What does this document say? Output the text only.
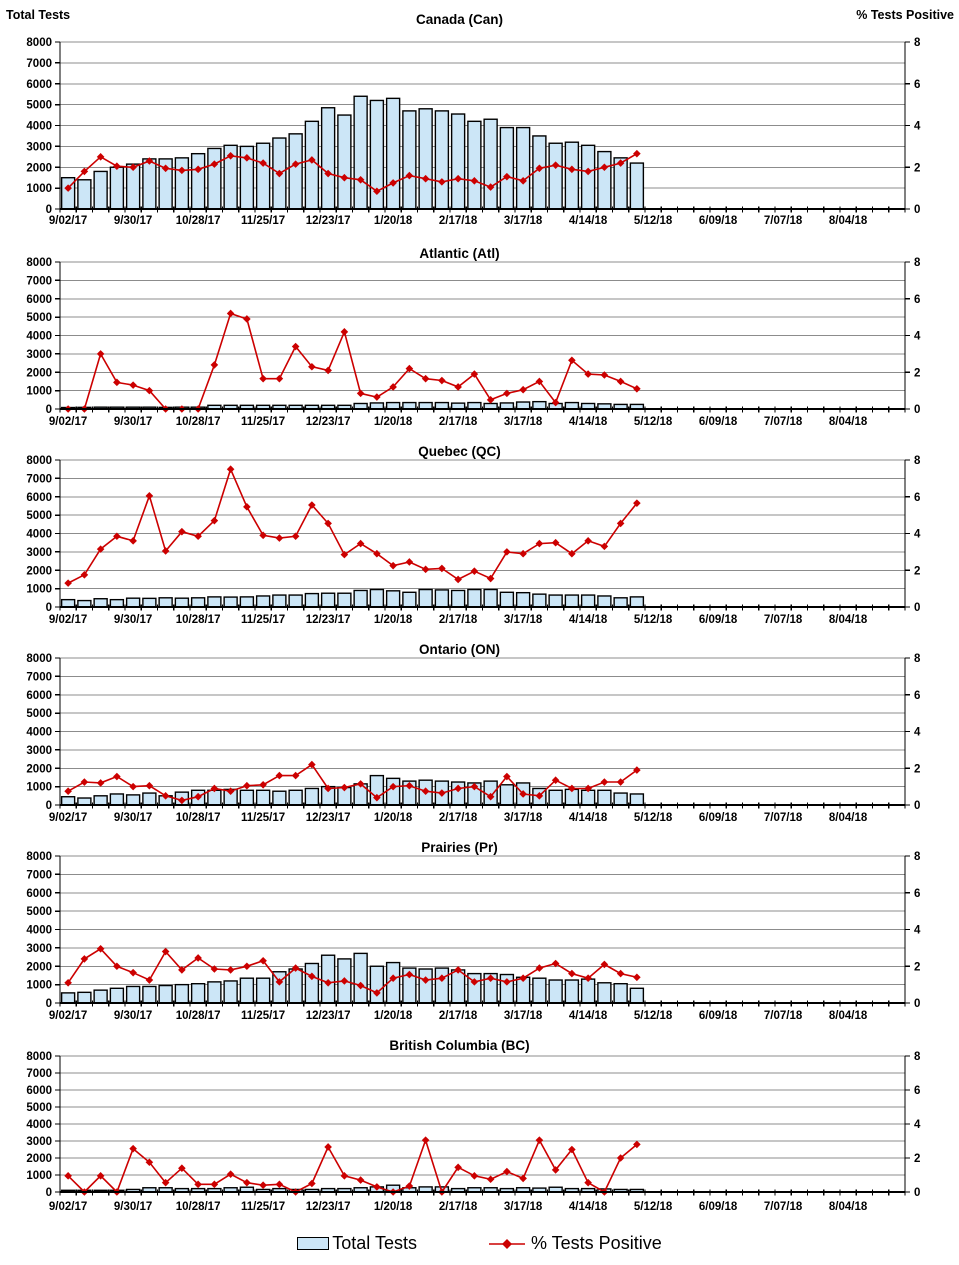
Total Tests	% Tests Positive
Canada (Can)
0
1000
2000
3000
4000
5000
6000
7000
8000
0
2
4
6
8
9/02/17 9/30/17 10/28/17 11/25/17 12/23/17 1/20/18 2/17/18 3/17/18 4/14/18 5/12/18 6/09/18 7/07/18 8/04/18
Atlantic (Atl)
0
1000
2000
3000
4000
5000
6000
7000
8000
0
2
4
6
8
9/02/17 9/30/17 10/28/17 11/25/17 12/23/17 1/20/18 2/17/18 3/17/18 4/14/18 5/12/18 6/09/18 7/07/18 8/04/18
Quebec (QC)
0
1000
2000
3000
4000
5000
6000
7000
8000
0
2
4
6
8
9/02/17 9/30/17 10/28/17 11/25/17 12/23/17 1/20/18 2/17/18 3/17/18 4/14/18 5/12/18 6/09/18 7/07/18 8/04/18
Ontario (ON)
0
1000
2000
3000
4000
5000
6000
7000
8000
0
2
4
6
8
9/02/17 9/30/17 10/28/17 11/25/17 12/23/17 1/20/18 2/17/18 3/17/18 4/14/18 5/12/18 6/09/18 7/07/18 8/04/18
Prairies (Pr)
0
1000
2000
3000
4000
5000
6000
7000
8000
0
2
4
6
8
9/02/17 9/30/17 10/28/17 11/25/17 12/23/17 1/20/18 2/17/18 3/17/18 4/14/18 5/12/18 6/09/18 7/07/18 8/04/18
British Columbia (BC)
0
1000
2000
3000
4000
5000
6000
7000
8000
0
2
4
6
8
9/02/17 9/30/17 10/28/17 11/25/17 12/23/17 1/20/18 2/17/18 3/17/18 4/14/18 5/12/18 6/09/18 7/07/18 8/04/18
Total Tests	% Tests Positive
